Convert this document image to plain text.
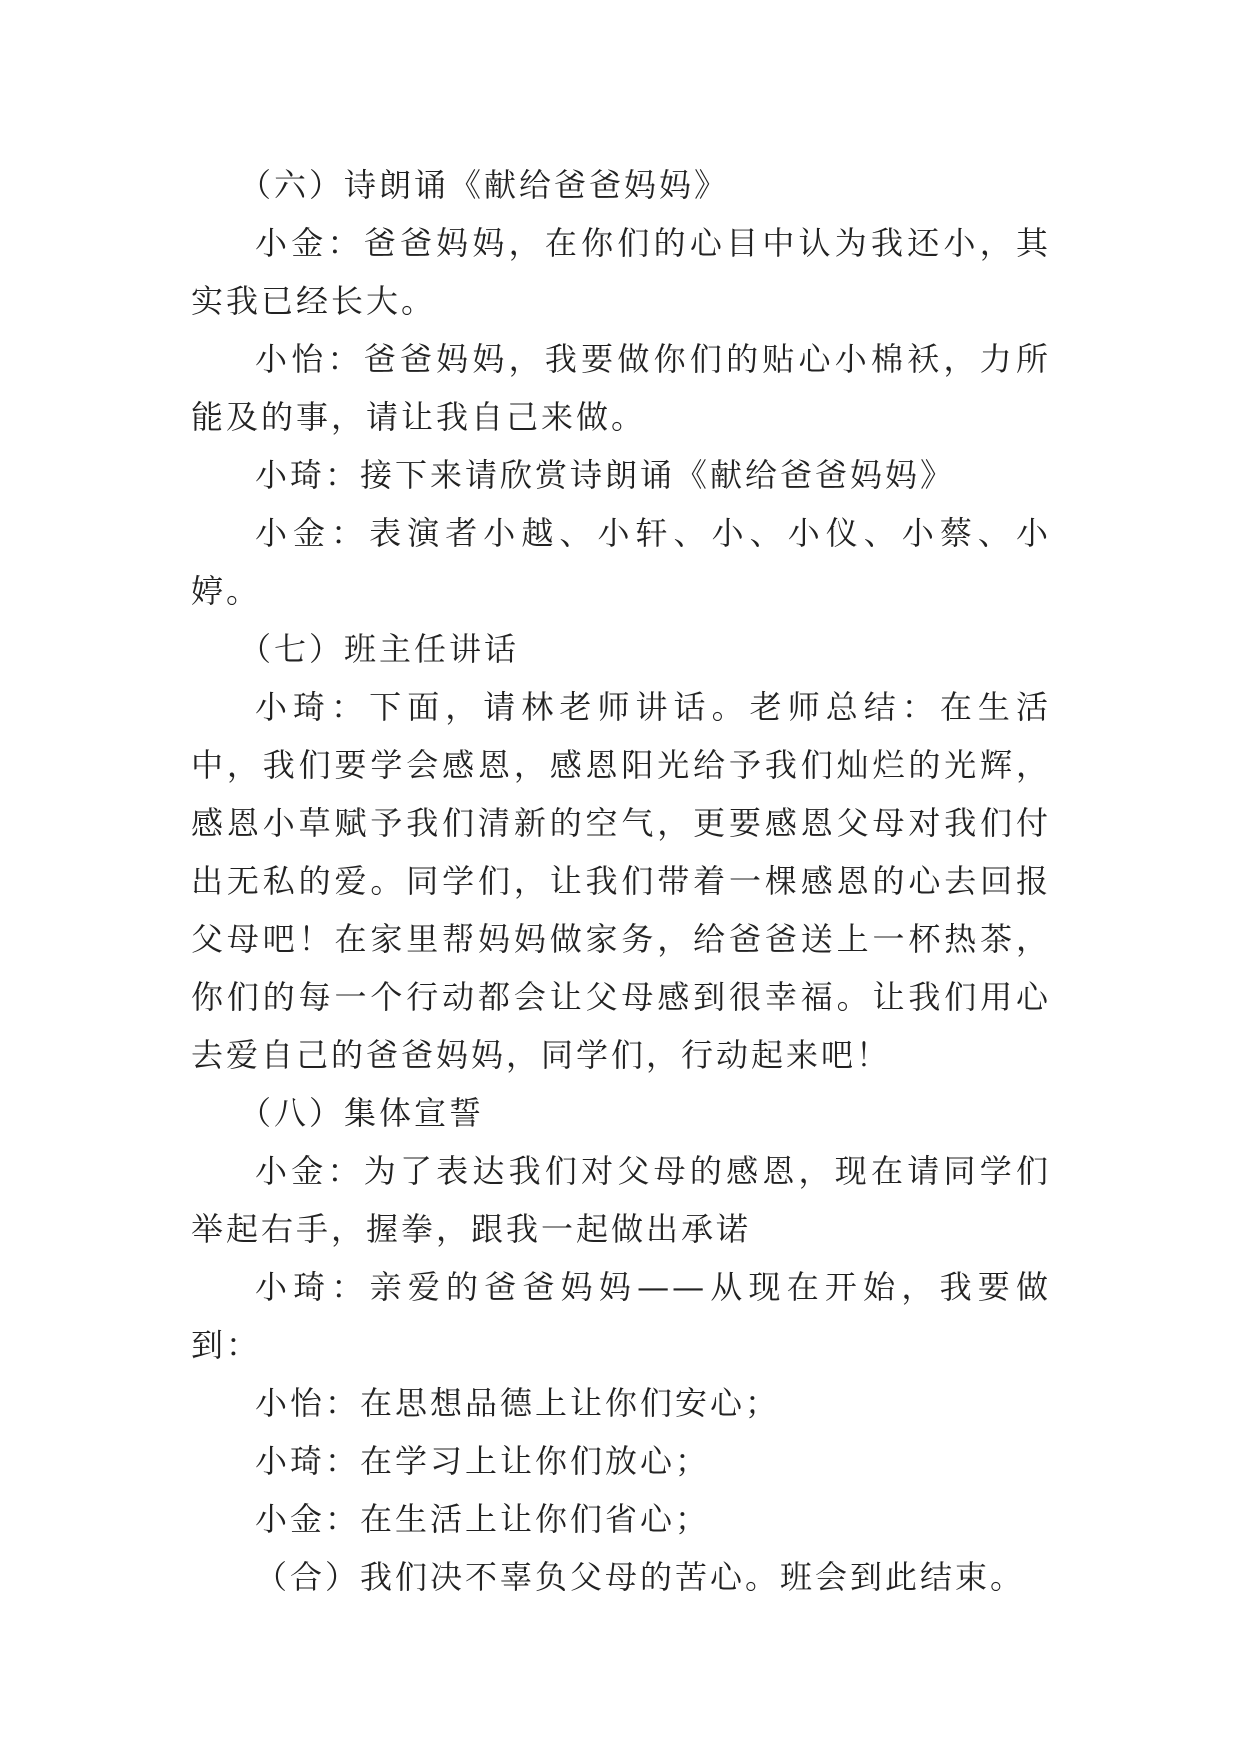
（六）诗朗诵《献给爸爸妈妈》

小金：爸爸妈妈，在你们的心目中认为我还小，其实我已经长大。

小怡：爸爸妈妈，我要做你们的贴心小棉袄，力所能及的事，请让我自己来做。

小琦：接下来请欣赏诗朗诵《献给爸爸妈妈》

小金：表演者小越、小轩、小、小仪、小蔡、小婷。

（七）班主任讲话

小琦：下面，请林老师讲话。老师总结：在生活中，我们要学会感恩，感恩阳光给予我们灿烂的光辉，感恩小草赋予我们清新的空气，更要感恩父母对我们付出无私的爱。同学们，让我们带着一棵感恩的心去回报父母吧！在家里帮妈妈做家务，给爸爸送上一杯热茶，你们的每一个行动都会让父母感到很幸福。让我们用心去爱自己的爸爸妈妈，同学们，行动起来吧！

（八）集体宣誓

小金：为了表达我们对父母的感恩，现在请同学们举起右手，握拳，跟我一起做出承诺

小琦：亲爱的爸爸妈妈——从现在开始，我要做到：

小怡：在思想品德上让你们安心；

小琦：在学习上让你们放心；

小金：在生活上让你们省心；

（合）我们决不辜负父母的苦心。班会到此结束。
